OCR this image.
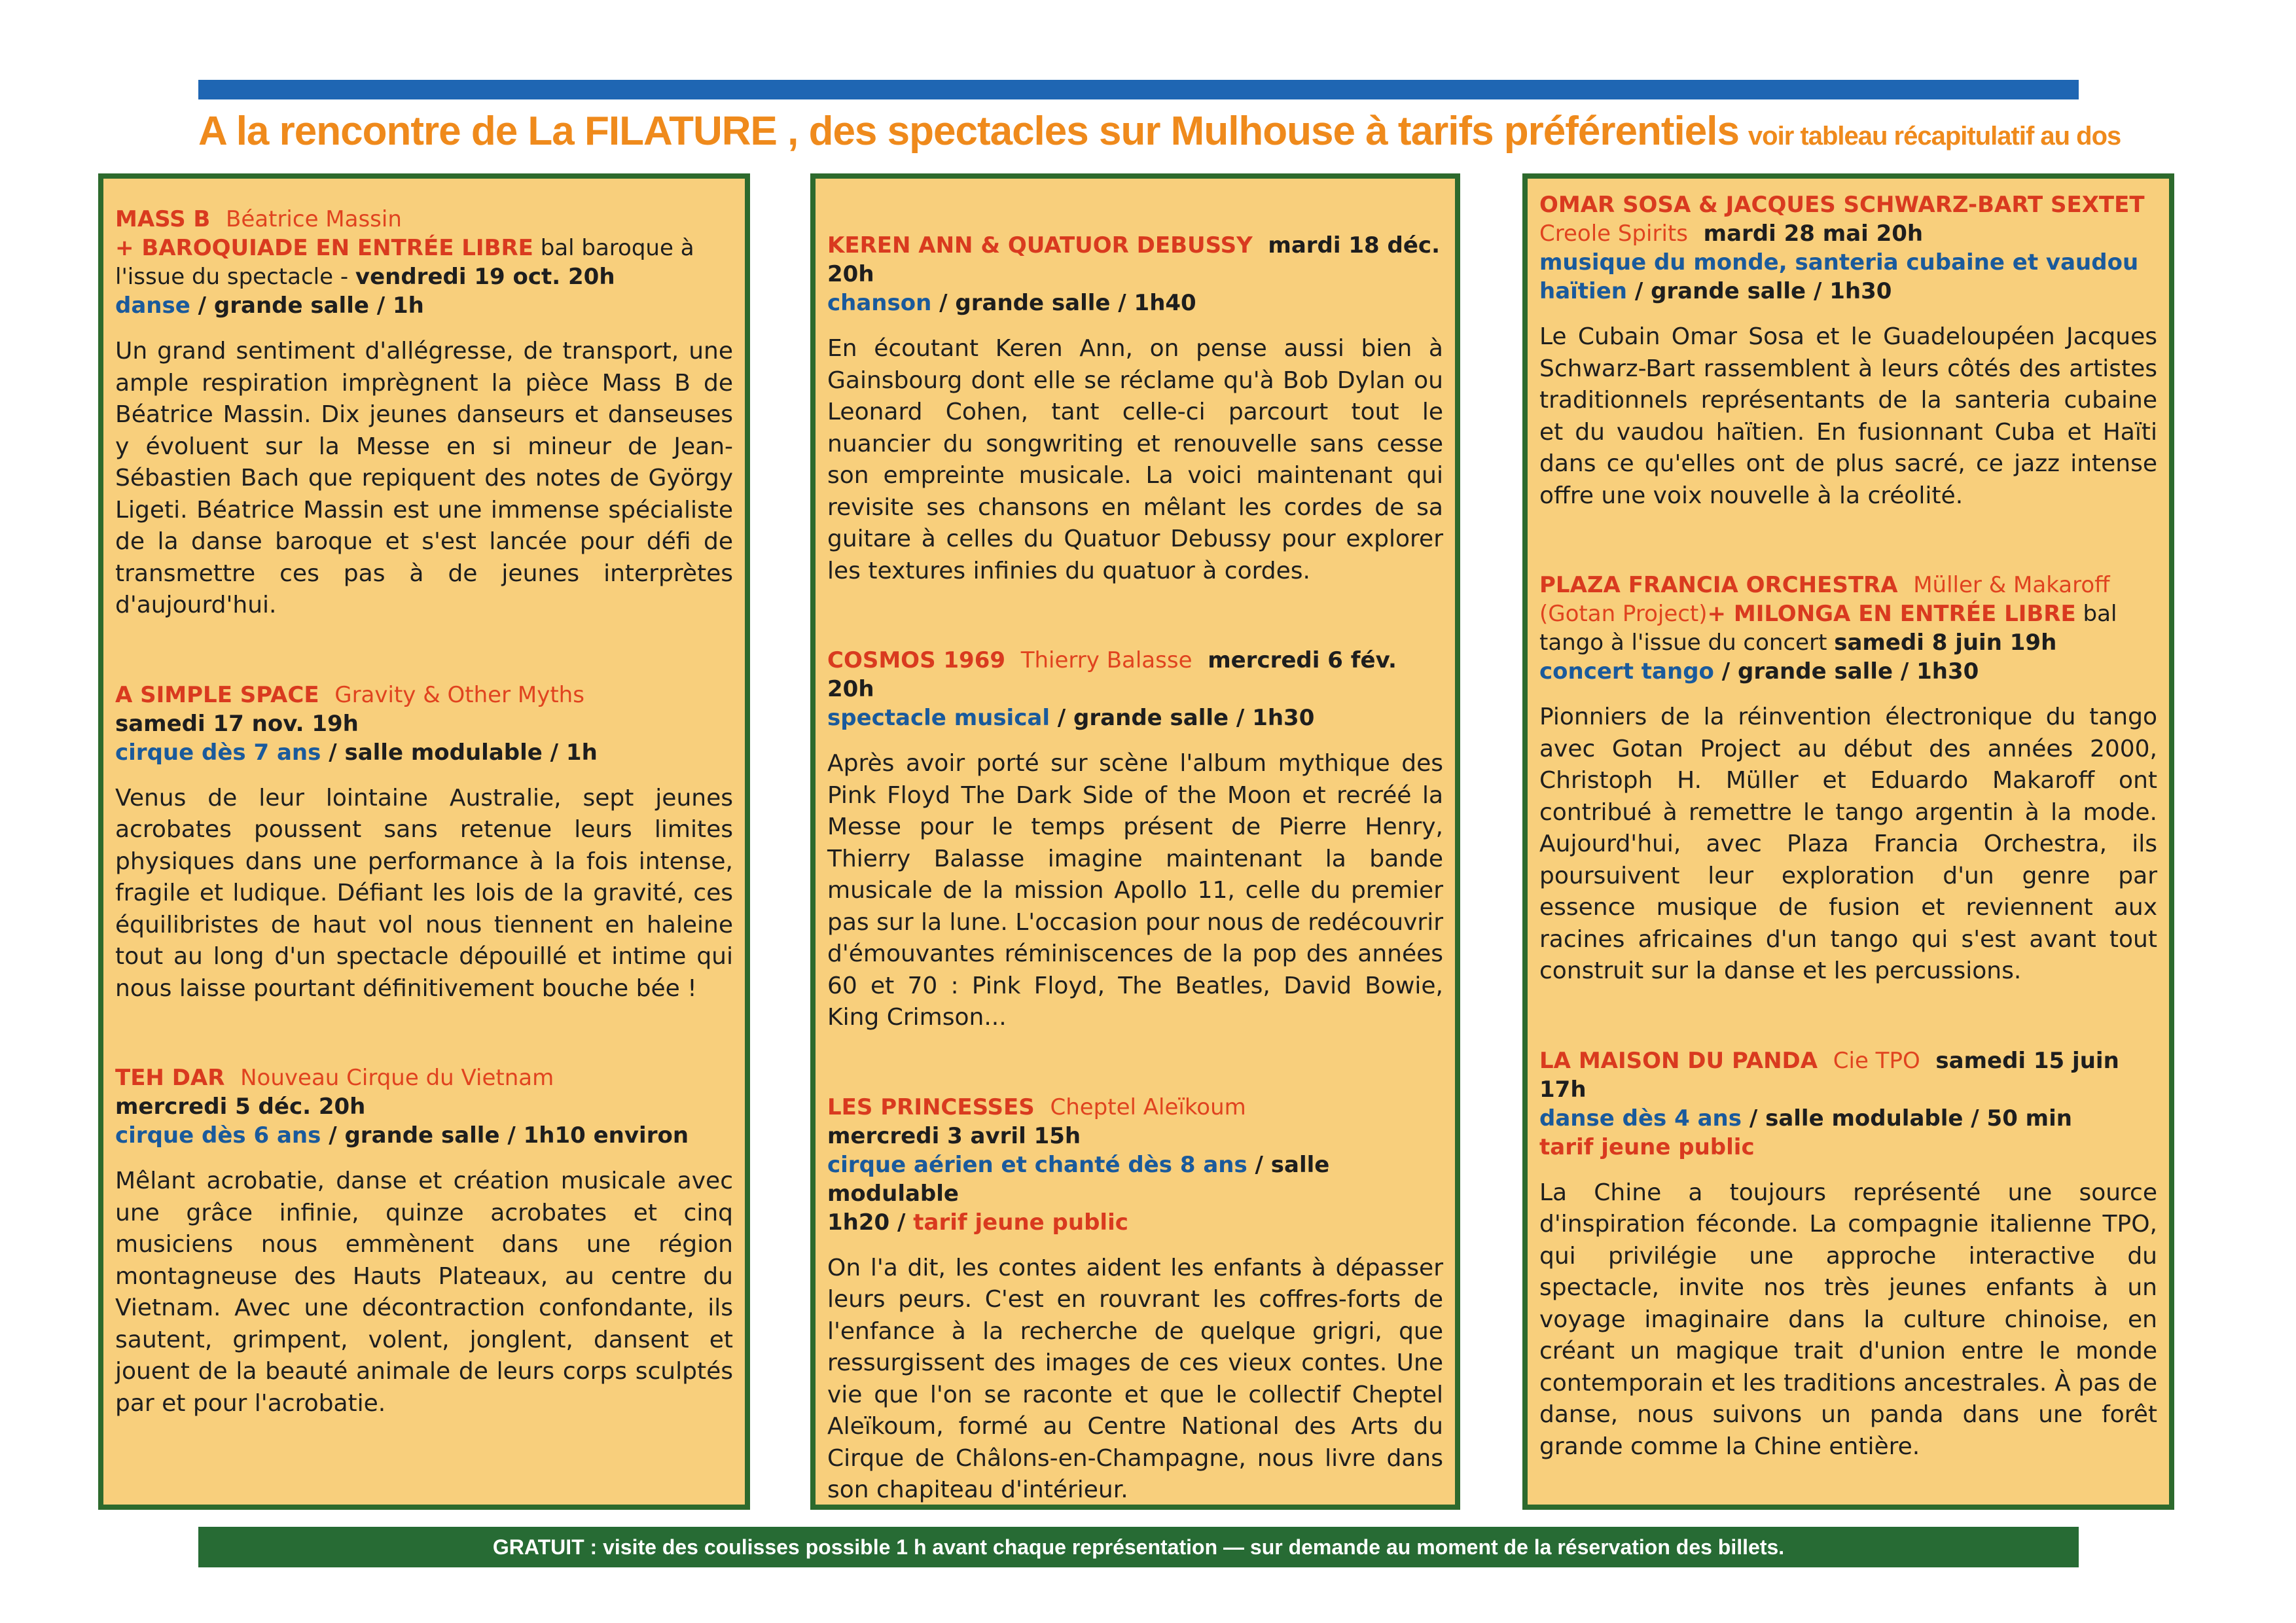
A la rencontre de La FILATURE , des spectacles sur Mulhouse à tarifs préférentiels voir tableau récapitulatif au dos
MASS B Béatrice Massin
+ BAROQUIADE EN ENTRÉE LIBRE bal baroque à l'issue du spectacle - vendredi 19 oct. 20h
danse / grande salle / 1h
Un grand sentiment d'allégresse, de transport, une ample respiration imprègnent la pièce Mass B de Béatrice Massin. Dix jeunes danseurs et danseuses y évoluent sur la Messe en si mineur de Jean-Sébastien Bach que repiquent des notes de György Ligeti. Béatrice Massin est une immense spécialiste de la danse baroque et s'est lancée pour défi de transmettre ces pas à de jeunes interprètes d'aujourd'hui.
A SIMPLE SPACE Gravity & Other Myths
samedi 17 nov. 19h
cirque dès 7 ans / salle modulable / 1h
Venus de leur lointaine Australie, sept jeunes acrobates poussent sans retenue leurs limites physiques dans une performance à la fois intense, fragile et ludique. Défiant les lois de la gravité, ces équilibristes de haut vol nous tiennent en haleine tout au long d'un spectacle dépouillé et intime qui nous laisse pourtant définitivement bouche bée !
TEH DAR Nouveau Cirque du Vietnam
mercredi 5 déc. 20h
cirque dès 6 ans / grande salle / 1h10 environ
Mêlant acrobatie, danse et création musicale avec une grâce infinie, quinze acrobates et cinq musiciens nous emmènent dans une région montagneuse des Hauts Plateaux, au centre du Vietnam. Avec une décontraction confondante, ils sautent, grimpent, volent, jonglent, dansent et jouent de la beauté animale de leurs corps sculptés par et pour l'acrobatie.
KEREN ANN & QUATUOR DEBUSSY mardi 18 déc. 20h
chanson / grande salle / 1h40
En écoutant Keren Ann, on pense aussi bien à Gainsbourg dont elle se réclame qu'à Bob Dylan ou Leonard Cohen, tant celle-ci parcourt tout le nuancier du songwriting et renouvelle sans cesse son empreinte musicale. La voici maintenant qui revisite ses chansons en mêlant les cordes de sa guitare à celles du Quatuor Debussy pour explorer les textures infinies du quatuor à cordes.
COSMOS 1969 Thierry Balasse mercredi 6 fév. 20h
spectacle musical / grande salle / 1h30
Après avoir porté sur scène l'album mythique des Pink Floyd The Dark Side of the Moon et recréé la Messe pour le temps présent de Pierre Henry, Thierry Balasse imagine maintenant la bande musicale de la mission Apollo 11, celle du premier pas sur la lune. L'occasion pour nous de redécouvrir d'émouvantes réminiscences de la pop des années 60 et 70 : Pink Floyd, The Beatles, David Bowie, King Crimson...
LES PRINCESSES Cheptel Aleïkoum
mercredi 3 avril 15h
cirque aérien et chanté dès 8 ans / salle modulable
1h20 / tarif jeune public
On l'a dit, les contes aident les enfants à dépasser leurs peurs. C'est en rouvrant les coffres-forts de l'enfance à la recherche de quelque grigri, que ressurgissent des images de ces vieux contes. Une vie que l'on se raconte et que le collectif Cheptel Aleïkoum, formé au Centre National des Arts du Cirque de Châlons-en-Champagne, nous livre dans son chapiteau d'intérieur.
OMAR SOSA & JACQUES SCHWARZ-BART SEXTET  Creole Spirits mardi 28 mai 20h
musique du monde, santeria cubaine et vaudou haïtien / grande salle / 1h30
Le Cubain Omar Sosa et le Guadeloupéen Jacques Schwarz-Bart rassemblent à leurs côtés des artistes traditionnels représentants de la santeria cubaine et du vaudou haïtien. En fusionnant Cuba et Haïti dans ce qu'elles ont de plus sacré, ce jazz intense offre une voix nouvelle à la créolité.
PLAZA FRANCIA ORCHESTRA Müller & Makaroff (Gotan Project)+ MILONGA EN ENTRÉE LIBRE bal tango à l'issue du concert samedi 8 juin 19h
concert tango / grande salle / 1h30
Pionniers de la réinvention électronique du tango avec Gotan Project au début des années 2000, Christoph H. Müller et Eduardo Makaroff ont contribué à remettre le tango argentin à la mode. Aujourd'hui, avec Plaza Francia Orchestra, ils poursuivent leur exploration d'un genre par essence musique de fusion et reviennent aux racines africaines d'un tango qui s'est avant tout construit sur la danse et les percussions.
LA MAISON DU PANDA Cie TPO samedi 15 juin 17h
danse dès 4 ans / salle modulable / 50 min
tarif jeune public
La Chine a toujours représenté une source d'inspiration féconde. La compagnie italienne TPO, qui privilégie une approche interactive du spectacle, invite nos très jeunes enfants à un voyage imaginaire dans la culture chinoise, en créant un magique trait d'union entre le monde contemporain et les traditions ancestrales. À pas de danse, nous suivons un panda dans une forêt grande comme la Chine entière.
GRATUIT : visite des coulisses possible 1 h avant chaque représentation — sur demande au moment de la réservation des billets.
